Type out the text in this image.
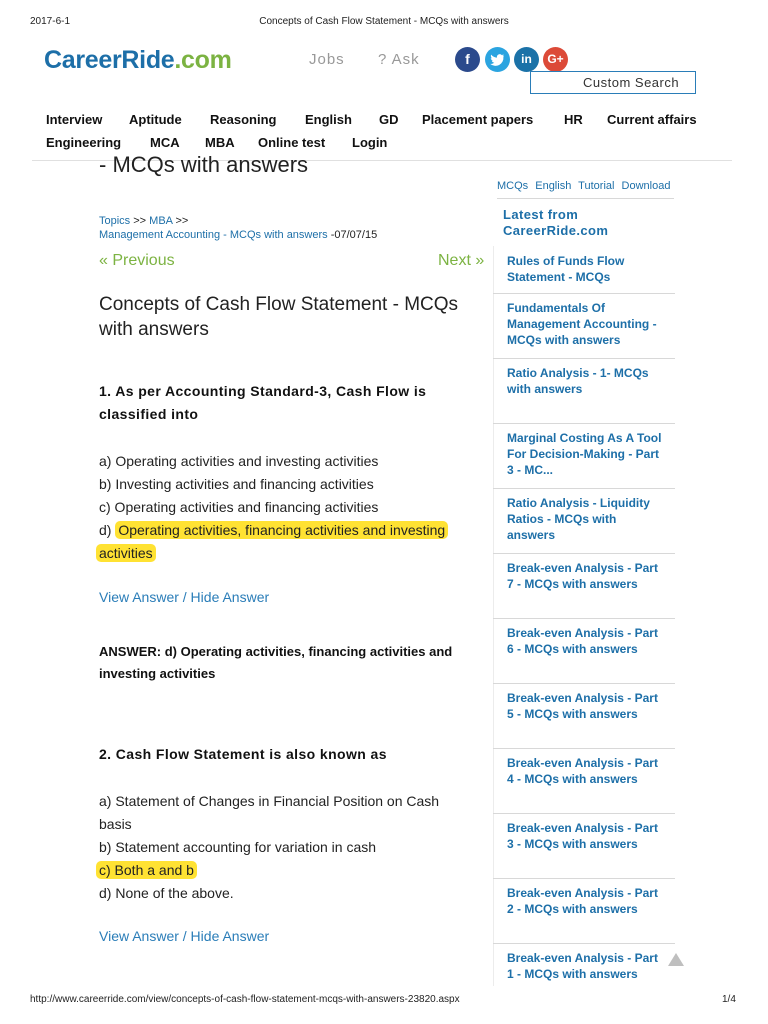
2017-6-1	Concepts of Cash Flow Statement - MCQs with answers
CareerRide.com	Jobs ? Ask	f	in	G+
Custom Search
Interview Aptitude Reasoning English GD Placement papers HR Current affairs
Engineering MCA MBA Online test Login
- MCQs with answers
Topics >> MBA >>
Management Accounting - MCQs with answers -07/07/15
« Previous	Next »
Concepts of Cash Flow Statement - MCQs with answers
1. As per Accounting Standard-3, Cash Flow is classified into
a) Operating activities and investing activities
b) Investing activities and financing activities
c) Operating activities and financing activities
d) Operating activities, financing activities and investing
activities
View Answer / Hide Answer
ANSWER: d) Operating activities, financing activities and
investing activities
2. Cash Flow Statement is also known as
a) Statement of Changes in Financial Position on Cash
basis
b) Statement accounting for variation in cash
c) Both a and b
d) None of the above.
View Answer / Hide Answer
MCQs English Tutorial Download
Latest from
CareerRide.com
Rules of Funds Flow Statement - MCQs
Fundamentals Of Management Accounting - MCQs with answers
Ratio Analysis - 1- MCQs with answers
Marginal Costing As A Tool For Decision-Making - Part 3 - MC...
Ratio Analysis - Liquidity Ratios - MCQs with answers
Break-even Analysis - Part 7 - MCQs with answers
Break-even Analysis - Part 6 - MCQs with answers
Break-even Analysis - Part 5 - MCQs with answers
Break-even Analysis - Part 4 - MCQs with answers
Break-even Analysis - Part 3 - MCQs with answers
Break-even Analysis - Part 2 - MCQs with answers
Break-even Analysis - Part 1 - MCQs with answers
http://www.careerride.com/view/concepts-of-cash-flow-statement-mcqs-with-answers-23820.aspx	1/4
